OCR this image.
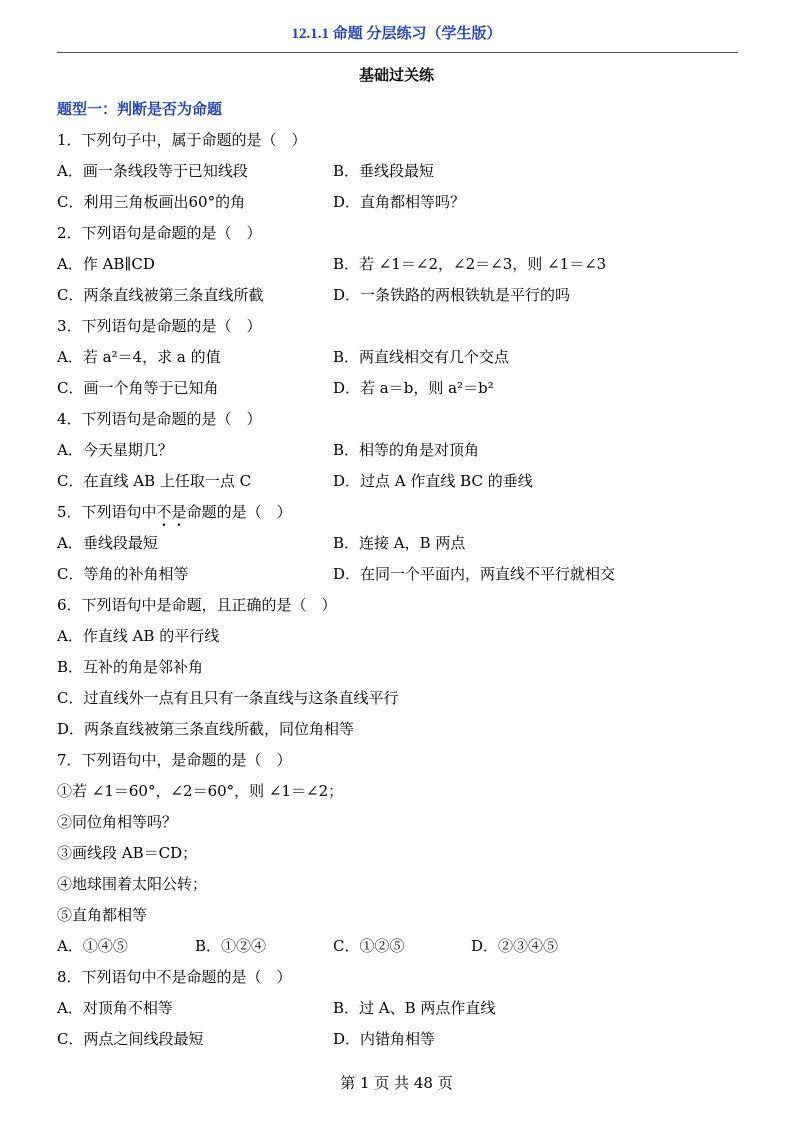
12.1.1 命题 分层练习（学生版）
基础过关练
题型一：判断是否为命题
1．下列句子中，属于命题的是（　）
A．画一条线段等于已知线段	B．垂线段最短
C．利用三角板画出60°的角	D．直角都相等吗？
2．下列语句是命题的是（　）
A．作 AB∥CD	B．若 ∠1＝∠2，∠2＝∠3，则 ∠1＝∠3
C．两条直线被第三条直线所截	D．一条铁路的两根铁轨是平行的吗
3．下列语句是命题的是（　）
A．若 a²＝4，求 a 的值	B．两直线相交有几个交点
C．画一个角等于已知角	D．若 a＝b，则 a²＝b²
4．下列语句是命题的是（　）
A．今天星期几？	B．相等的角是对顶角
C．在直线 AB 上任取一点 C	D．过点 A 作直线 BC 的垂线
5．下列语句中不是命题的是（　）
A．垂线段最短	B．连接 A，B 两点
C．等角的补角相等	D．在同一个平面内，两直线不平行就相交
6．下列语句中是命题，且正确的是（　）
A．作直线 AB 的平行线
B．互补的角是邻补角
C．过直线外一点有且只有一条直线与这条直线平行
D．两条直线被第三条直线所截，同位角相等
7．下列语句中，是命题的是（　）
①若 ∠1＝60°，∠2＝60°，则 ∠1＝∠2；
②同位角相等吗？
③画线段 AB＝CD；
④地球围着太阳公转；
⑤直角都相等
A．①④⑤	B．①②④	C．①②⑤	D．②③④⑤
8．下列语句中不是命题的是（　）
A．对顶角不相等	B．过 A、B 两点作直线
C．两点之间线段最短	D．内错角相等
第 1 页 共 48 页
